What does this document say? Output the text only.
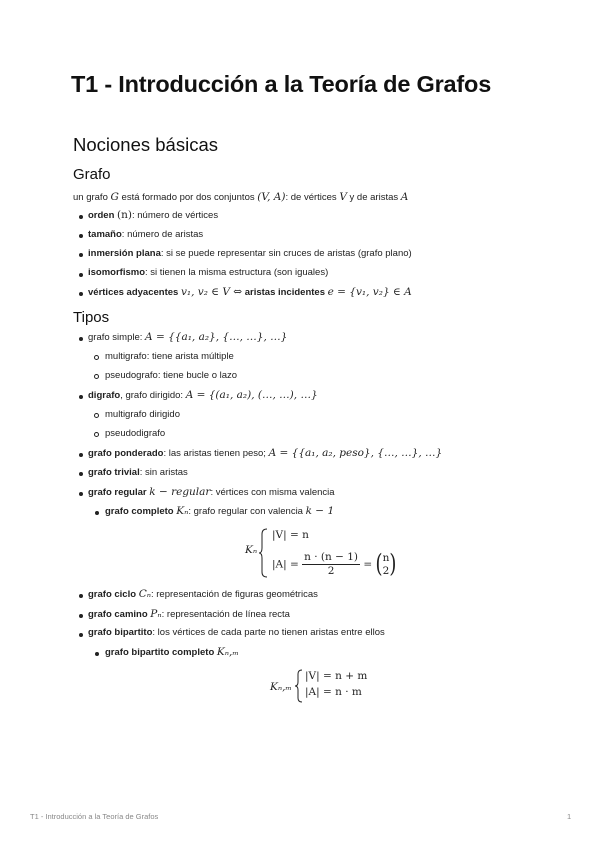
T1 - Introducción a la Teoría de Grafos
Nociones básicas
Grafo
un grafo G está formado por dos conjuntos (V, A): de vértices V y de aristas A
orden (n): número de vértices
tamaño: número de aristas
inmersión plana: si se puede representar sin cruces de aristas (grafo plano)
isomorfismo: si tienen la misma estructura (son iguales)
vértices adyacentes v₁, v₂ ∈ V ⇔ aristas incidentes e = {v₁, v₂} ∈ A
Tipos
grafo simple: A = {{a₁, a₂}, {…, …}, …}
multigrafo: tiene arista múltiple
pseudografo: tiene bucle o lazo
digrafo, grafo dirigido: A = {(a₁, a₂), (…, …), …}
multigrafo dirigido
pseudodigrafo
grafo ponderado: las aristas tienen peso; A = {{a₁, a₂, peso}, {…, …}, …}
grafo trivial: sin aristas
grafo regular k − regular: vértices con misma valencia
grafo completo Kₙ: grafo regular con valencia k − 1
Kₙ
|V| = n
$|A| = \frac{n \cdot (n - 1)}{2}$ = ( n
2 )
grafo ciclo Cₙ: representación de figuras geométricas
grafo camino Pₙ: representación de línea recta
grafo bipartito: los vértices de cada parte no tienen aristas entre ellos
grafo bipartito completo Kₙ,ₘ
Kₙ,ₘ
|V| = n + m
|A| = n · m
T1 - Introducción a la Teoría de Grafos	1
